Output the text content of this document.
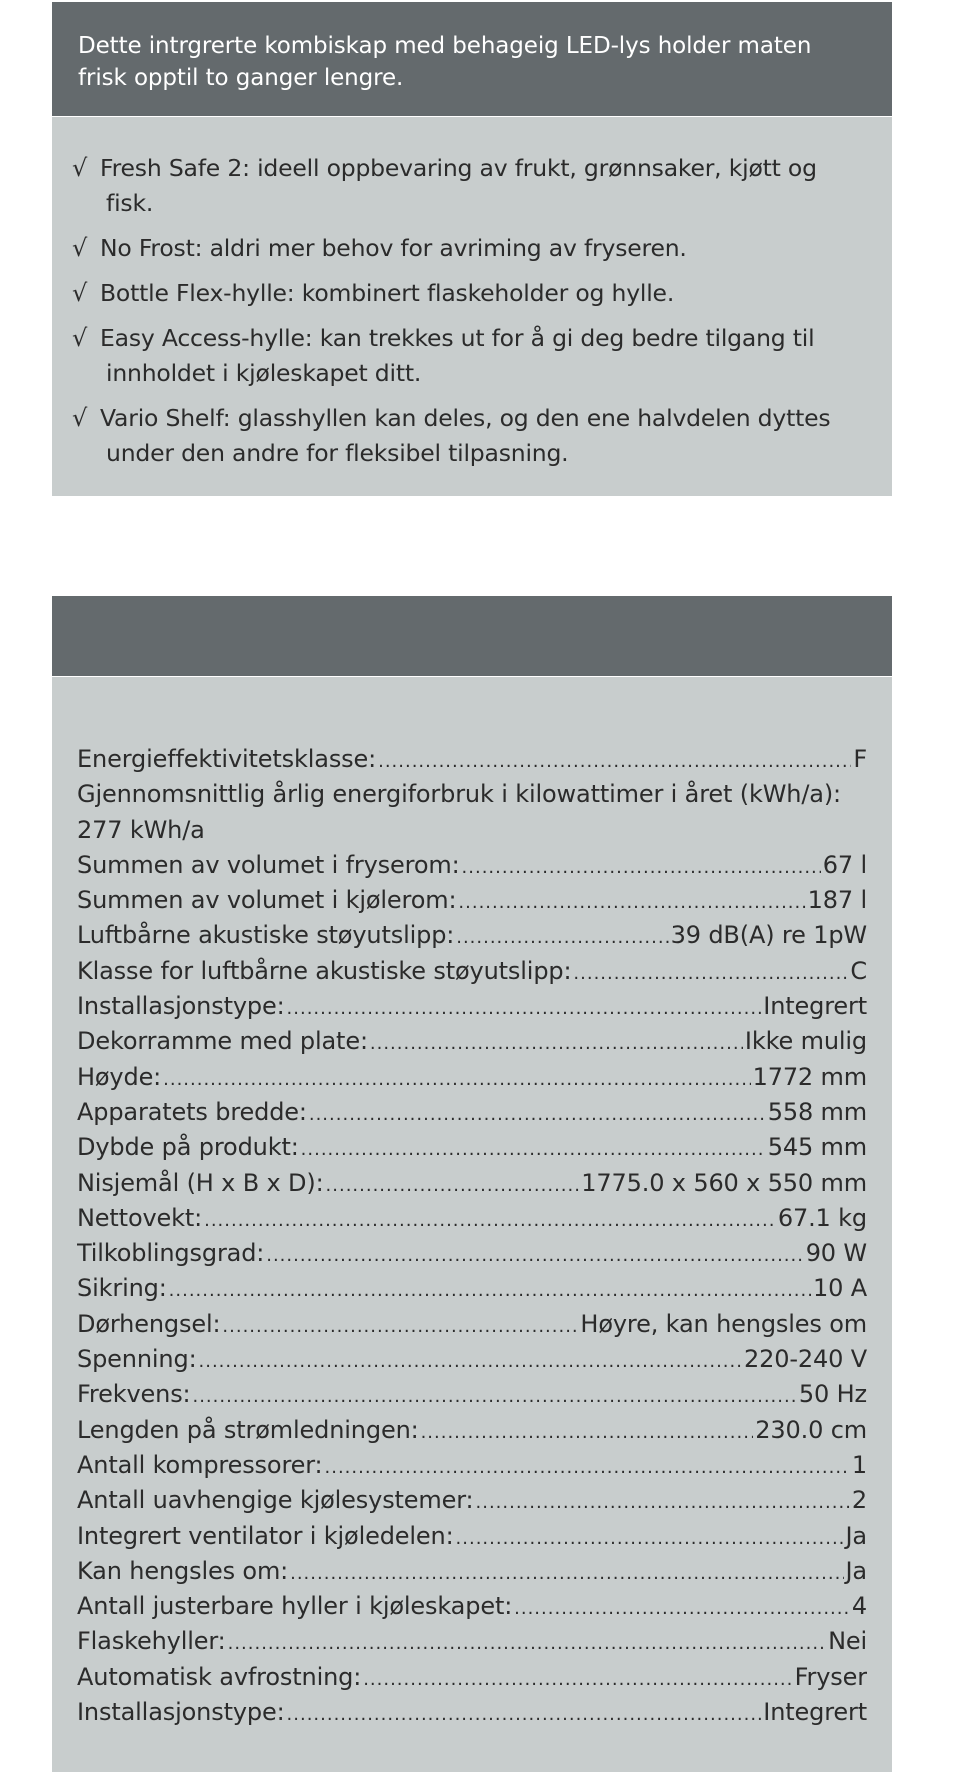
Dette intrgrerte kombiskap med behageig LED-lys holder maten frisk opptil to ganger lengre.
√ Fresh Safe 2: ideell oppbevaring av frukt, grønnsaker, kjøtt og
fisk.
√ No Frost: aldri mer behov for avriming av fryseren.
√ Bottle Flex-hylle: kombinert flaskeholder og hylle.
√ Easy Access-hylle: kan trekkes ut for å gi deg bedre tilgang til
innholdet i kjøleskapet ditt.
√ Vario Shelf: glasshyllen kan deles, og den ene halvdelen dyttes
under den andre for fleksibel tilpasning.
Energieffektivitetsklasse: .....	F
Gjennomsnittlig årlig energiforbruk i kilowattimer i året (kWh/a):
277 kWh/a
Summen av volumet i fryserom: .....	67 l
Summen av volumet i kjølerom: .....	187 l
Luftbårne akustiske støyutslipp: .....	39 dB(A) re 1pW
Klasse for luftbårne akustiske støyutslipp: .....	C
Installasjonstype: .....	Integrert
Dekorramme med plate: .....	Ikke mulig
Høyde: .....	1772 mm
Apparatets bredde: .....	558 mm
Dybde på produkt: .....	545 mm
Nisjemål (H x B x D): .....	1775.0 x 560 x 550 mm
Nettovekt: .....	67.1 kg
Tilkoblingsgrad: .....	90 W
Sikring: .....	10 A
Dørhengsel: .....	Høyre, kan hengsles om
Spenning: .....	220-240 V
Frekvens: .....	50 Hz
Lengden på strømledningen: .....	230.0 cm
Antall kompressorer: .....	1
Antall uavhengige kjølesystemer: .....	2
Integrert ventilator i kjøledelen: .....	Ja
Kan hengsles om: .....	Ja
Antall justerbare hyller i kjøleskapet: .....	4
Flaskehyller: .....	Nei
Automatisk avfrostning: .....	Fryser
Installasjonstype: .....	Integrert
